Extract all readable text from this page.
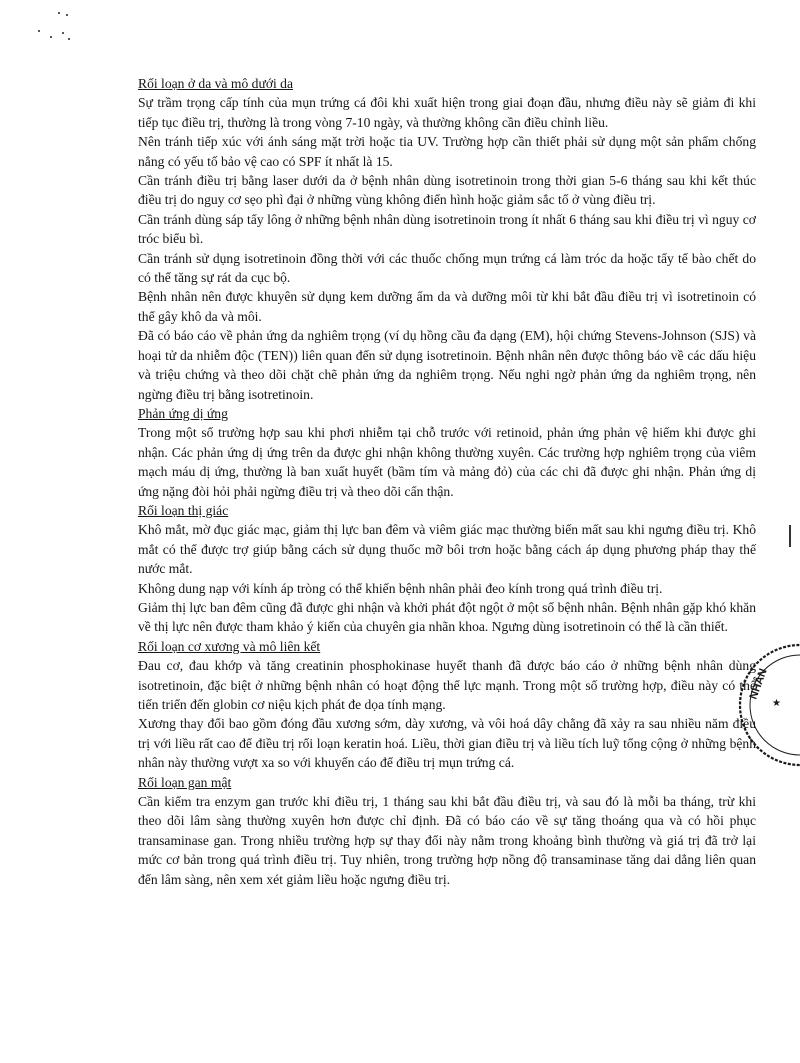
Rối loạn ở da và mô dưới da

Sự trầm trọng cấp tính của mụn trứng cá đôi khi xuất hiện trong giai đoạn đầu, nhưng điều này sẽ giảm đi khi tiếp tục điều trị, thường là trong vòng 7-10 ngày, và thường không cần điều chỉnh liều.

Nên tránh tiếp xúc với ánh sáng mặt trời hoặc tia UV. Trường hợp cần thiết phải sử dụng một sản phẩm chống nắng có yếu tố bảo vệ cao có SPF ít nhất là 15.

Cần tránh điều trị bằng laser dưới da ở bệnh nhân dùng isotretinoin trong thời gian 5-6 tháng sau khi kết thúc điều trị do nguy cơ sẹo phì đại ở những vùng không điển hình hoặc giảm sắc tố ở vùng điều trị.

Cần tránh dùng sáp tẩy lông ở những bệnh nhân dùng isotretinoin trong ít nhất 6 tháng sau khi điều trị vì nguy cơ tróc biểu bì.

Cần tránh sử dụng isotretinoin đồng thời với các thuốc chống mụn trứng cá làm tróc da hoặc tẩy tế bào chết do có thể tăng sự rát da cục bộ.

Bệnh nhân nên được khuyên sử dụng kem dưỡng ẩm da và dưỡng môi từ khi bắt đầu điều trị vì isotretinoin có thể gây khô da và môi.

Đã có báo cáo về phản ứng da nghiêm trọng (ví dụ hồng cầu đa dạng (EM), hội chứng Stevens-Johnson (SJS) và hoại tử da nhiễm độc (TEN)) liên quan đến sử dụng isotretinoin. Bệnh nhân nên được thông báo về các dấu hiệu và triệu chứng và theo dõi chặt chẽ phản ứng da nghiêm trọng. Nếu nghi ngờ phản ứng da nghiêm trọng, nên ngừng điều trị bằng isotretinoin.

Phản ứng dị ứng

Trong một số trường hợp sau khi phơi nhiễm tại chỗ trước với retinoid, phản ứng phản vệ hiếm khi được ghi nhận. Các phản ứng dị ứng trên da được ghi nhận không thường xuyên. Các trường hợp nghiêm trọng của viêm mạch máu dị ứng, thường là ban xuất huyết (bầm tím và mảng đỏ) của các chi đã được ghi nhận. Phản ứng dị ứng nặng đòi hỏi phải ngừng điều trị và theo dõi cẩn thận.

Rối loạn thị giác

Khô mắt, mờ đục giác mạc, giảm thị lực ban đêm và viêm giác mạc thường biến mất sau khi ngưng điều trị. Khô mắt có thể được trợ giúp bằng cách sử dụng thuốc mỡ bôi trơn hoặc bằng cách áp dụng phương pháp thay thế nước mắt.

Không dung nạp với kính áp tròng có thể khiến bệnh nhân phải đeo kính trong quá trình điều trị.

Giảm thị lực ban đêm cũng đã được ghi nhận và khởi phát đột ngột ở một số bệnh nhân. Bệnh nhân gặp khó khăn về thị lực nên được tham khảo ý kiến của chuyên gia nhãn khoa. Ngưng dùng isotretinoin có thể là cần thiết.

Rối loạn cơ xương và mô liên kết

Đau cơ, đau khớp và tăng creatinin phosphokinase huyết thanh đã được báo cáo ở những bệnh nhân dùng isotretinoin, đặc biệt ở những bệnh nhân có hoạt động thể lực mạnh. Trong một số trường hợp, điều này có thể tiến triển đến globin cơ niệu kịch phát đe dọa tính mạng.

Xương thay đổi bao gồm đóng đầu xương sớm, dày xương, và vôi hoá dây chằng đã xảy ra sau nhiều năm điều trị với liều rất cao để điều trị rối loạn keratin hoá. Liều, thời gian điều trị và liều tích luỹ tổng cộng ở những bệnh nhân này thường vượt xa so với khuyến cáo để điều trị mụn trứng cá.

Rối loạn gan mật

Cần kiểm tra enzym gan trước khi điều trị, 1 tháng sau khi bắt đầu điều trị, và sau đó là mỗi ba tháng, trừ khi theo dõi lâm sàng thường xuyên hơn được chỉ định. Đã có báo cáo về sự tăng thoáng qua và có hồi phục transaminase gan. Trong nhiều trường hợp sự thay đổi này nằm trong khoảng bình thường và giá trị đã trở lại mức cơ bản trong quá trình điều trị. Tuy nhiên, trong trường hợp nồng độ transaminase tăng dai dẳng liên quan đến lâm sàng, nên xem xét giảm liều hoặc ngưng điều trị.

NHÂN
★
